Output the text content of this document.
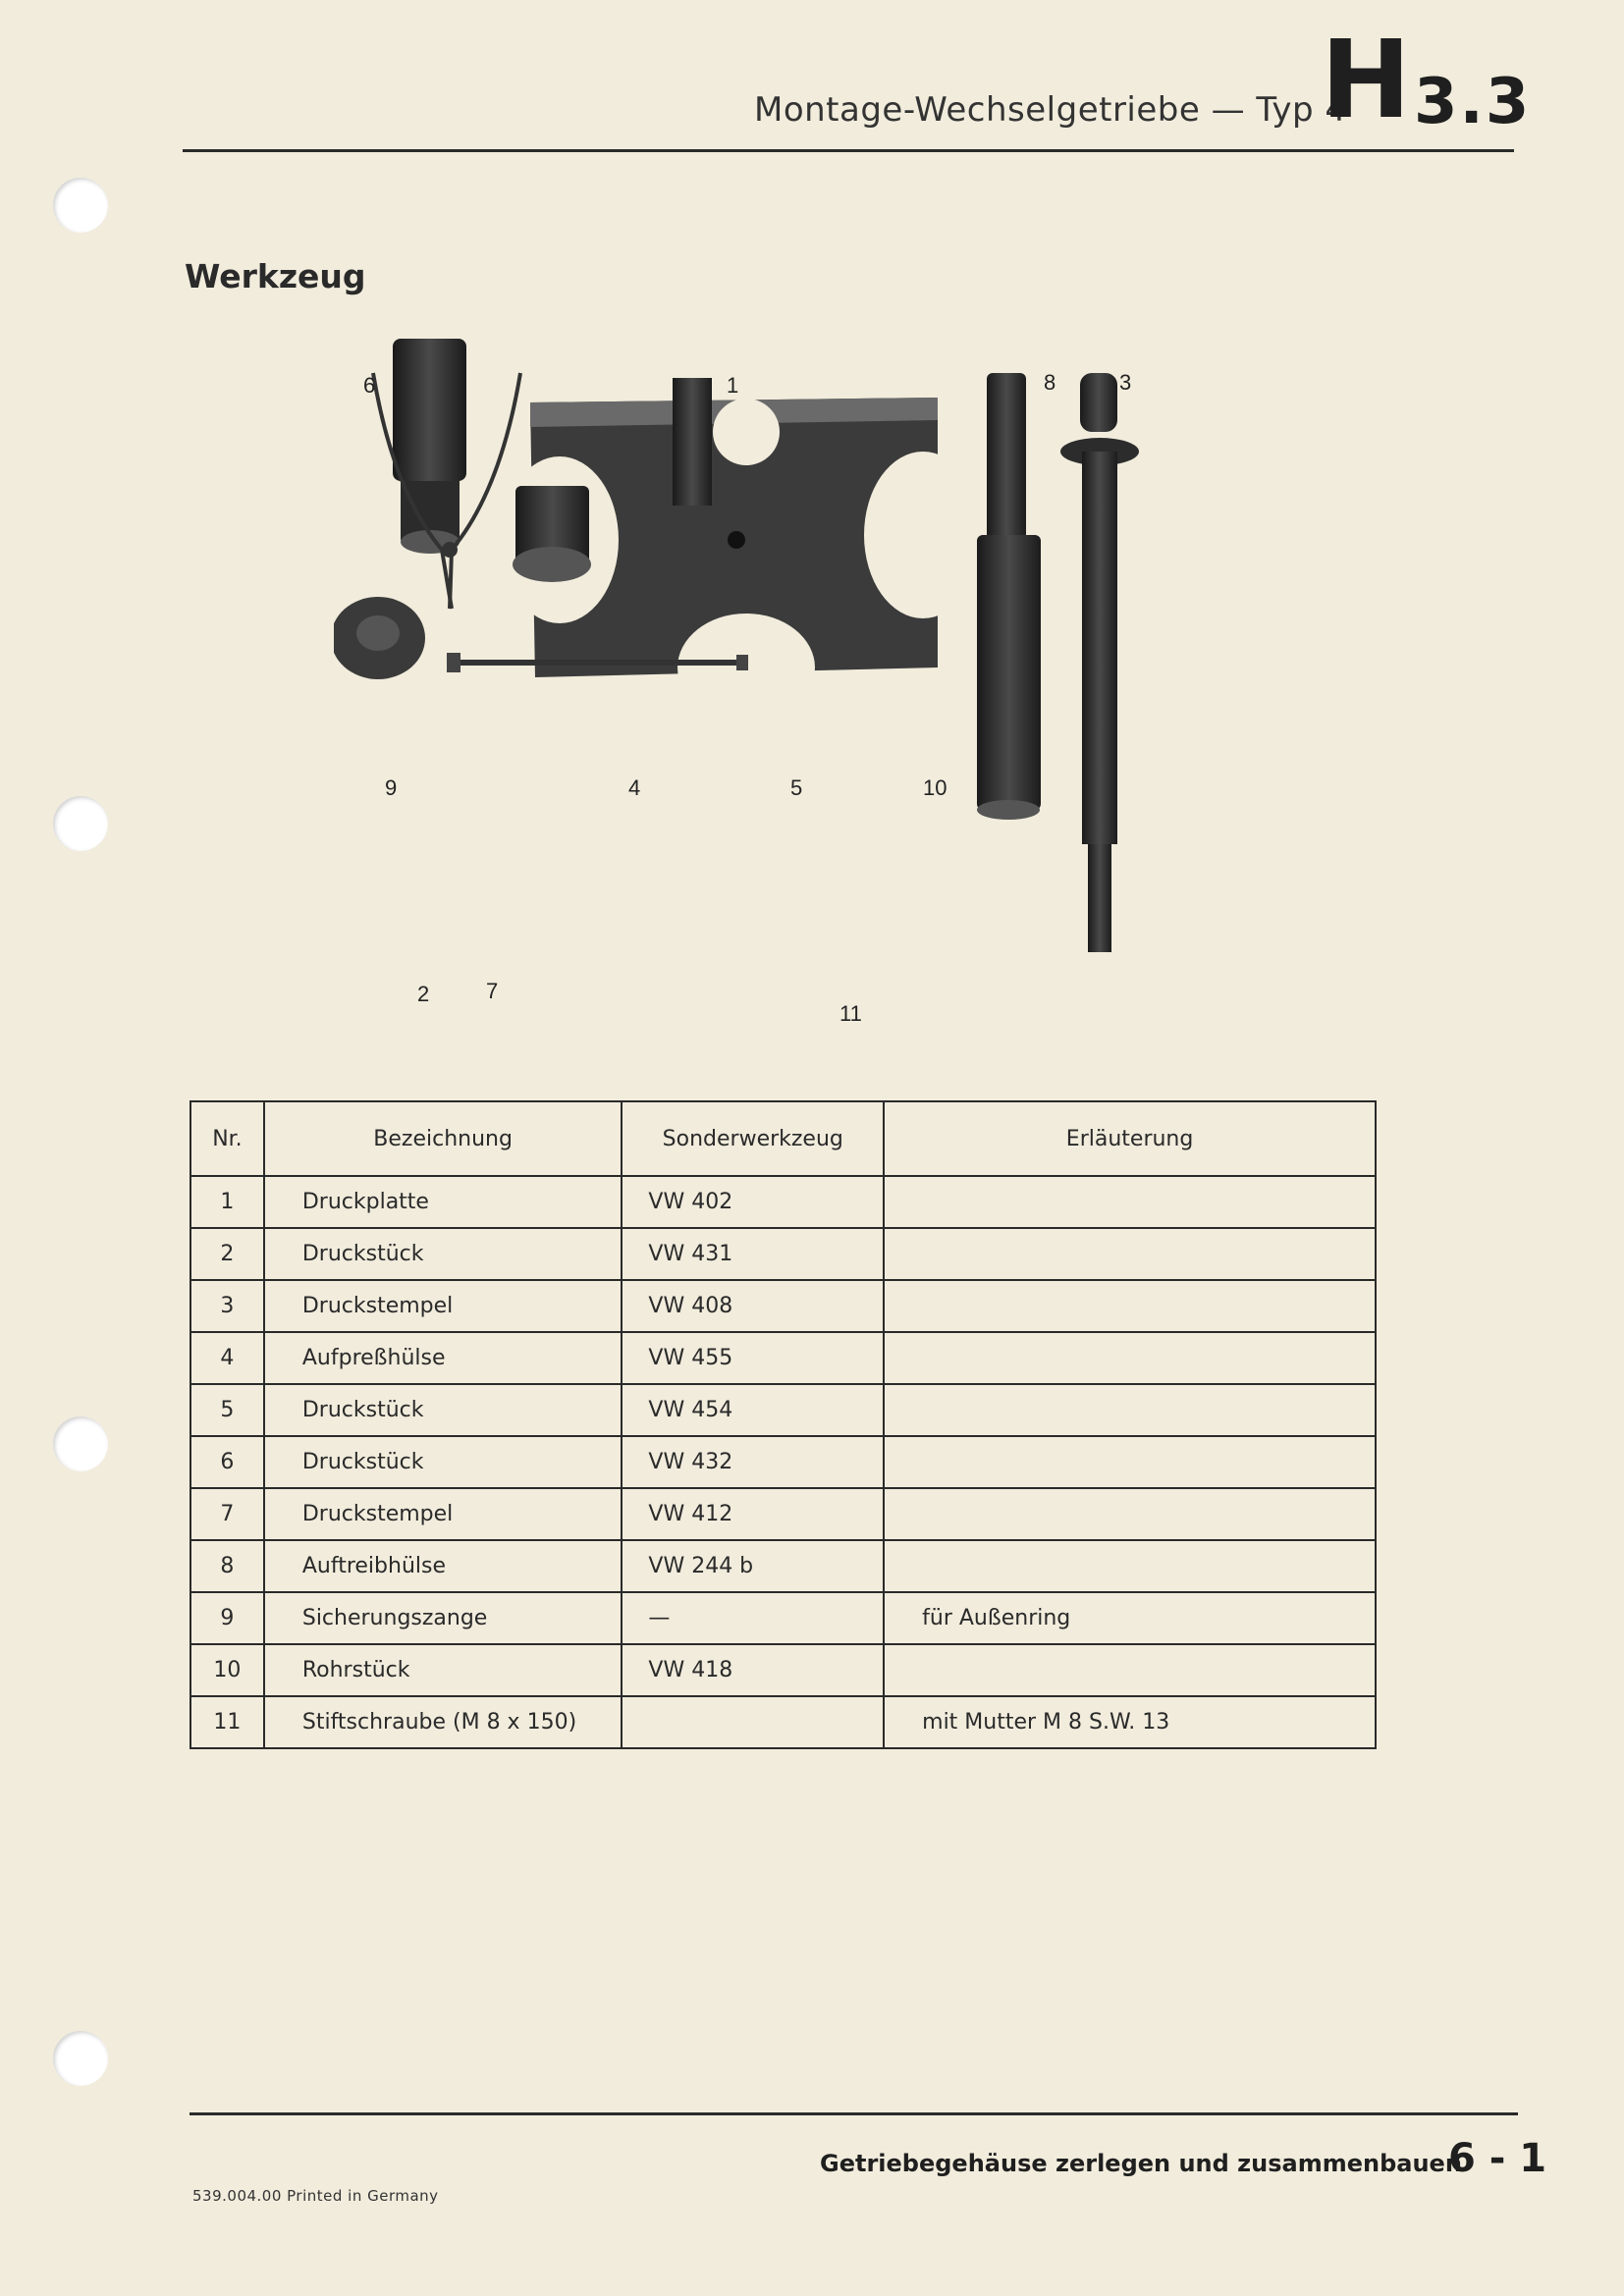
Montage-Wechselgetriebe — Typ 4
H 3.3
Werkzeug
6	1	8	3
9	4	5	10
2	7
11
Nr.	Bezeichnung	Sonderwerkzeug	Erläuterung
1	Druckplatte	VW 402	
2	Druckstück	VW 431	
3	Druckstempel	VW 408	
4	Aufpreßhülse	VW 455	
5	Druckstück	VW 454	
6	Druckstück	VW 432	
7	Druckstempel	VW 412	
8	Auftreibhülse	VW 244 b	
9	Sicherungszange	—	für Außenring
10	Rohrstück	VW 418	
11	Stiftschraube (M 8 x 150)		mit Mutter M 8 S.W. 13
Getriebegehäuse zerlegen und zusammenbauen
6 - 1
539.004.00 Printed in Germany
